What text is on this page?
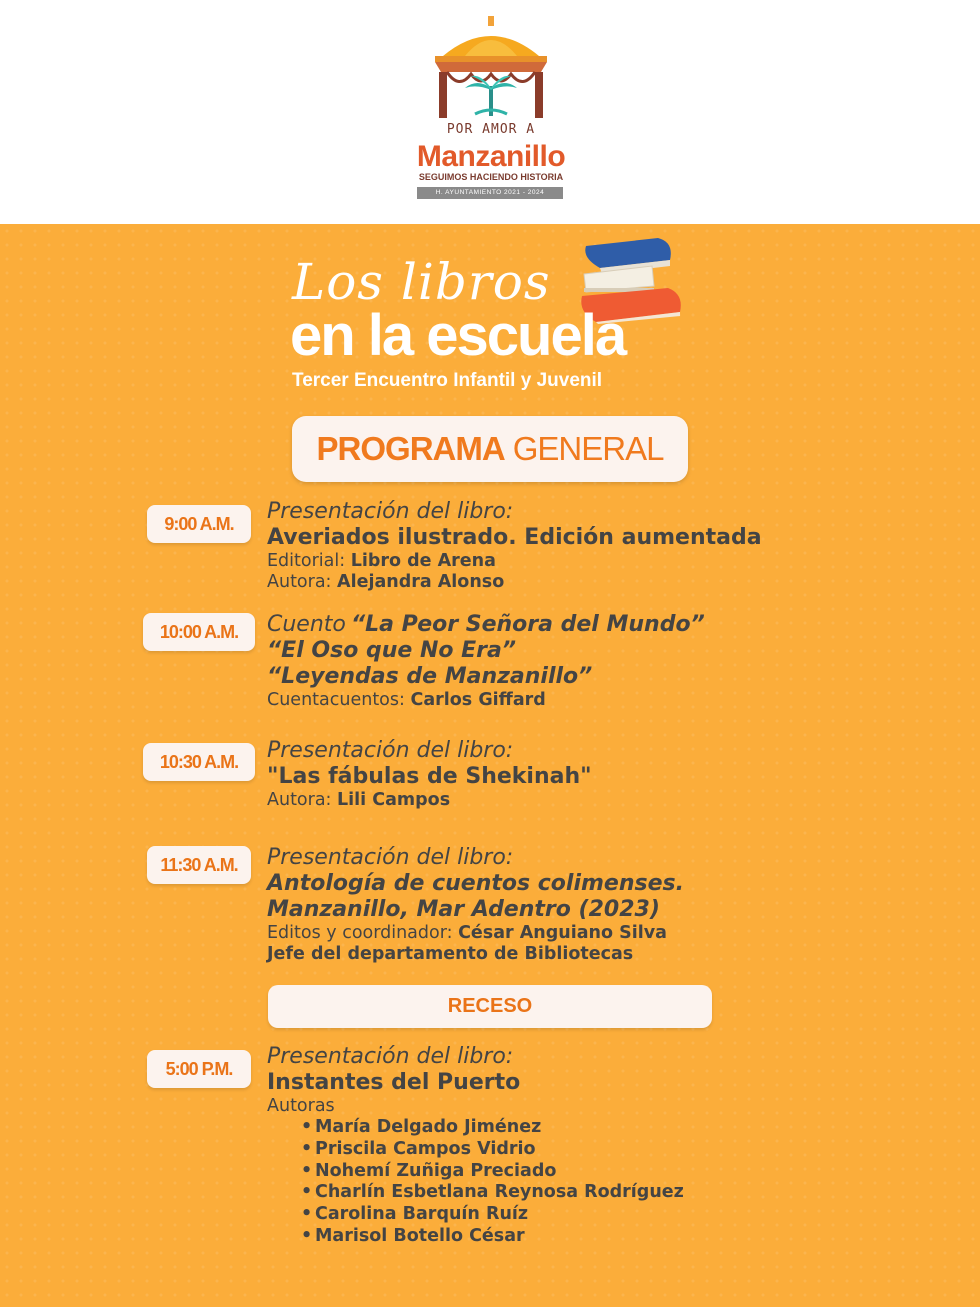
POR AMOR A
Manzanillo
SEGUIMOS HACIENDO HISTORIA
H. AYUNTAMIENTO 2021 - 2024
Los libros
en la escuela
Tercer Encuentro Infantil y Juvenil
PROGRAMA GENERAL
9:00 A.M.	Presentación del libro:
Averiados ilustrado. Edición aumentada
Editorial: Libro de Arena
Autora: Alejandra Alonso
10:00 A.M.	Cuento “La Peor Señora del Mundo”
“El Oso que No Era”
“Leyendas de Manzanillo”
Cuentacuentos: Carlos Giffard
10:30 A.M.	Presentación del libro:
"Las fábulas de Shekinah"
Autora: Lili Campos
11:30 A.M.	Presentación del libro:
Antología de cuentos colimenses.
Manzanillo, Mar Adentro (2023)
Editos y coordinador: César Anguiano Silva
Jefe del departamento de Bibliotecas
RECESO
5:00 P.M.	Presentación del libro:
Instantes del Puerto
Autoras
• María Delgado Jiménez
• Priscila Campos Vidrio
• Nohemí Zuñiga Preciado
• Charlín Esbetlana Reynosa Rodríguez
• Carolina Barquín Ruíz
• Marisol Botello César
